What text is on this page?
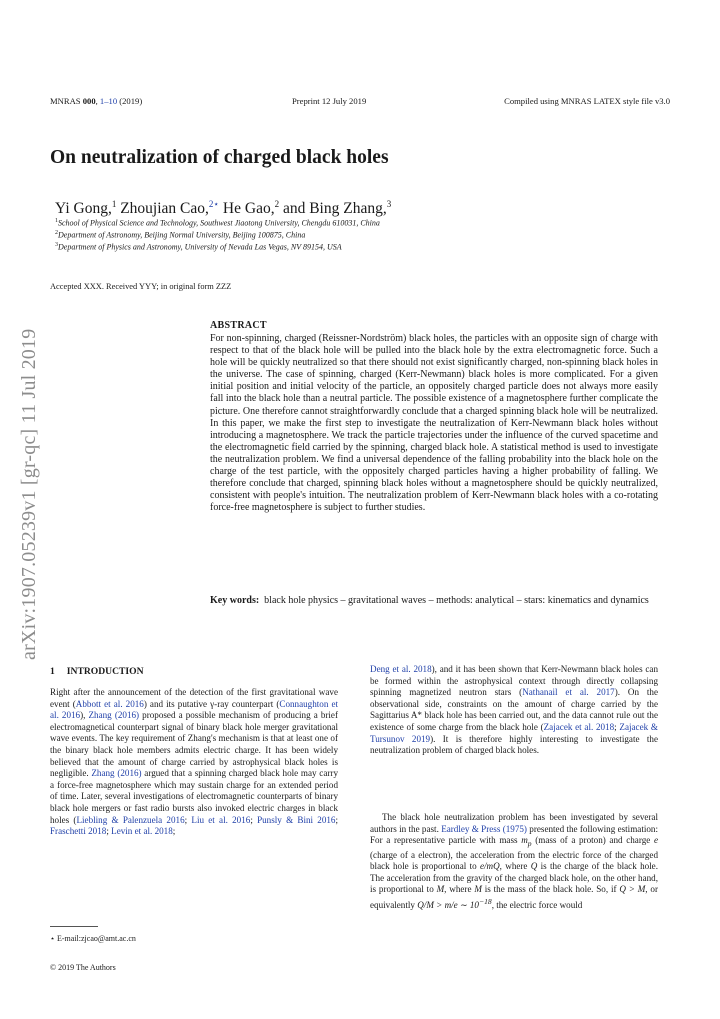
MNRAS 000, 1–10 (2019)	Preprint 12 July 2019	Compiled using MNRAS LATEX style file v3.0
arXiv:1907.05239v1 [gr-qc] 11 Jul 2019
On neutralization of charged black holes
Yi Gong,$^1$ Zhoujian Cao,$^{2⋆}$ He Gao,$^2$ and Bing Zhang,$^3$
$^1$School of Physical Science and Technology, Southwest Jiaotong University, Chengdu 610031, China
$^2$Department of Astronomy, Beijing Normal University, Beijing 100875, China
$^3$Department of Physics and Astronomy, University of Nevada Las Vegas, NV 89154, USA
Accepted XXX. Received YYY; in original form ZZZ
ABSTRACT

For non-spinning, charged (Reissner-Nordström) black holes, the particles with an opposite sign of charge with respect to that of the black hole will be pulled into the black hole by the extra electromagnetic force. Such a hole will be quickly neutralized so that there should not exist significantly charged, non-spinning black holes in the universe. The case of spinning, charged (Kerr-Newmann) black holes is more complicated. For a given initial position and initial velocity of the particle, an oppositely charged particle does not always more easily fall into the black hole than a neutral particle. The possible existence of a magnetosphere further complicate the picture. One therefore cannot straightforwardly conclude that a charged spinning black hole will be neutralized. In this paper, we make the first step to investigate the neutralization of Kerr-Newmann black holes without introducing a magnetosphere. We track the particle trajectories under the influence of the curved spacetime and the electromagnetic field carried by the spinning, charged black hole. A statistical method is used to investigate the neutralization problem. We find a universal dependence of the falling probability into the black hole on the charge of the test particle, with the oppositely charged particles having a higher probability of falling. We therefore conclude that charged, spinning black holes without a magnetosphere should be quickly neutralized, consistent with people's intuition. The neutralization problem of Kerr-Newmann black holes with a co-rotating force-free magnetosphere is subject to further studies.

Key words: black hole physics – gravitational waves – methods: analytical – stars: kinematics and dynamics

1 INTRODUCTION

Right after the announcement of the detection of the first gravitational wave event (Abbott et al. 2016) and its putative γ-ray counterpart (Connaughton et al. 2016), Zhang (2016) proposed a possible mechanism of producing a brief electromagnetical counterpart signal of binary black hole merger gravitational wave events. The key requirement of Zhang's mechanism is that at least one of the binary black hole members admits electric charge. It has been widely believed that the amount of charge carried by astrophysical black holes is negligible. Zhang (2016) argued that a spinning charged black hole may carry a force-free magnetosphere which may sustain charge for an extended period of time. Later, several investigations of electromagnetic counterparts of binary black hole mergers or fast radio bursts also invoked electric charges in black holes (Liebling & Palenzuela 2016; Liu et al. 2016; Punsly & Bini 2016; Fraschetti 2018; Levin et al. 2018;

Deng et al. 2018), and it has been shown that Kerr-Newmann black holes can be formed within the astrophysical context through directly collapsing spinning magnetized neutron stars (Nathanail et al. 2017). On the observational side, constraints on the amount of charge carried by the Sagittarius A* black hole has been carried out, and the data cannot rule out the existence of some charge from the black hole (Zajacek et al. 2018; Zajacek & Tursunov 2019). It is therefore highly interesting to investigate the neutralization problem of charged black holes.

The black hole neutralization problem has been investigated by several authors in the past. Eardley & Press (1975) presented the following estimation: For a representative particle with mass $m_p$ (mass of a proton) and charge e (charge of a electron), the acceleration from the electric force of the charged black hole is proportional to e/mQ, where Q is the charge of the black hole. The acceleration from the gravity of the charged black hole, on the other hand, is proportional to M, where M is the mass of the black hole. So, if Q > M, or equivalently Q/M > m/e ∼ $10^{-18}$, the electric force would

⋆ E-mail:zjcao@amt.ac.cn
© 2019 The Authors
